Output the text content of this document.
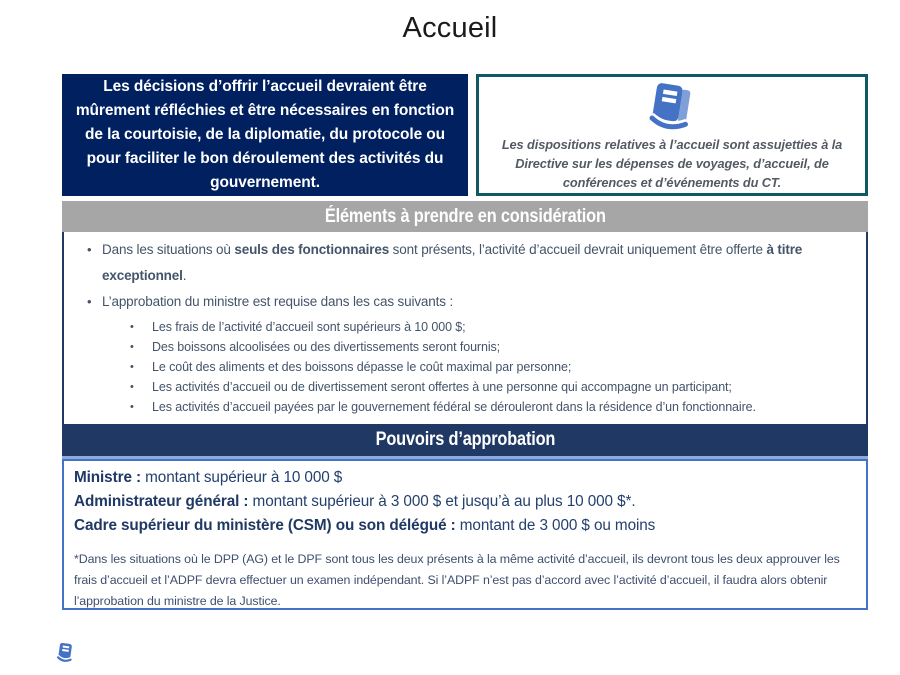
Accueil
Les décisions d’offrir l’accueil devraient être mûrement réfléchies et être nécessaires en fonction de la courtoisie, de la diplomatie, du protocole ou pour faciliter le bon déroulement des activités du gouvernement.
Les dispositions relatives à l’accueil sont assujetties à la Directive sur les dépenses de voyages, d’accueil, de conférences et d’événements du CT.
Éléments à prendre en considération
• Dans les situations où seuls des fonctionnaires sont présents, l’activité d’accueil devrait uniquement être offerte à titre exceptionnel.
• L’approbation du ministre est requise dans les cas suivants :
• Les frais de l’activité d’accueil sont supérieurs à 10 000 $;
• Des boissons alcoolisées ou des divertissements seront fournis;
• Le coût des aliments et des boissons dépasse le coût maximal par personne;
• Les activités d’accueil ou de divertissement seront offertes à une personne qui accompagne un participant;
• Les activités d’accueil payées par le gouvernement fédéral se dérouleront dans la résidence d’un fonctionnaire.
Pouvoirs d’approbation
Ministre : montant supérieur à 10 000 $
Administrateur général : montant supérieur à 3 000 $ et jusqu’à au plus 10 000 $*.
Cadre supérieur du ministère (CSM) ou son délégué : montant de 3 000 $ ou moins
*Dans les situations où le DPP (AG) et le DPF sont tous les deux présents à la même activité d’accueil, ils devront tous les deux approuver les frais d’accueil et l’ADPF devra effectuer un examen indépendant. Si l’ADPF n’est pas d’accord avec l’activité d’accueil, il faudra alors obtenir l’approbation du ministre de la Justice.
